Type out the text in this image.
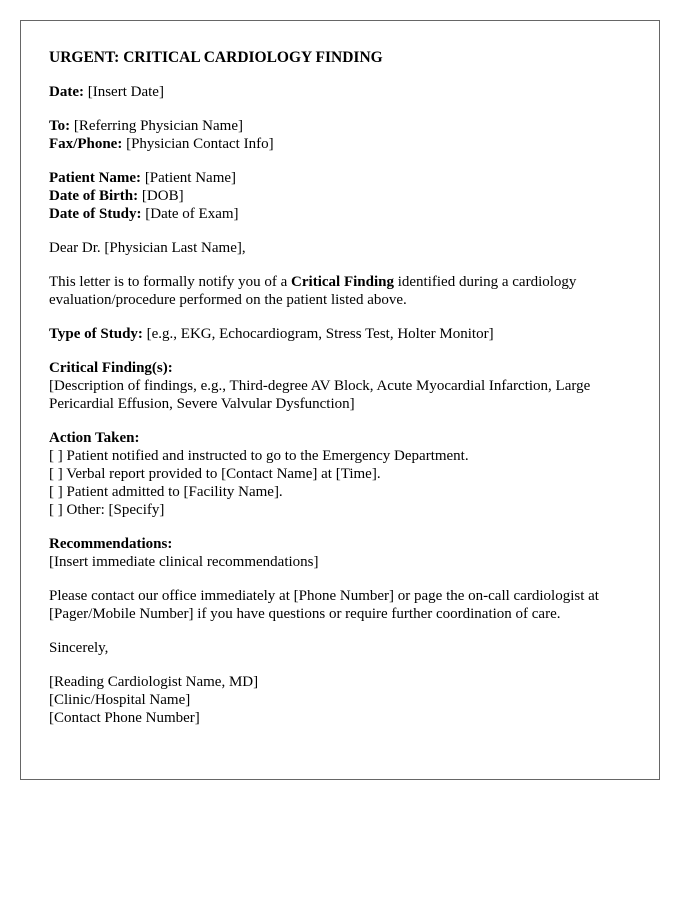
URGENT: CRITICAL CARDIOLOGY FINDING
Date: [Insert Date]
To: [Referring Physician Name]
Fax/Phone: [Physician Contact Info]
Patient Name: [Patient Name]
Date of Birth: [DOB]
Date of Study: [Date of Exam]
Dear Dr. [Physician Last Name],
This letter is to formally notify you of a Critical Finding identified during a cardiology evaluation/procedure performed on the patient listed above.
Type of Study: [e.g., EKG, Echocardiogram, Stress Test, Holter Monitor]
Critical Finding(s):
[Description of findings, e.g., Third-degree AV Block, Acute Myocardial Infarction, Large Pericardial Effusion, Severe Valvular Dysfunction]
Action Taken:
[ ] Patient notified and instructed to go to the Emergency Department.
[ ] Verbal report provided to [Contact Name] at [Time].
[ ] Patient admitted to [Facility Name].
[ ] Other: [Specify]
Recommendations:
[Insert immediate clinical recommendations]
Please contact our office immediately at [Phone Number] or page the on-call cardiologist at [Pager/Mobile Number] if you have questions or require further coordination of care.
Sincerely,
[Reading Cardiologist Name, MD]
[Clinic/Hospital Name]
[Contact Phone Number]
